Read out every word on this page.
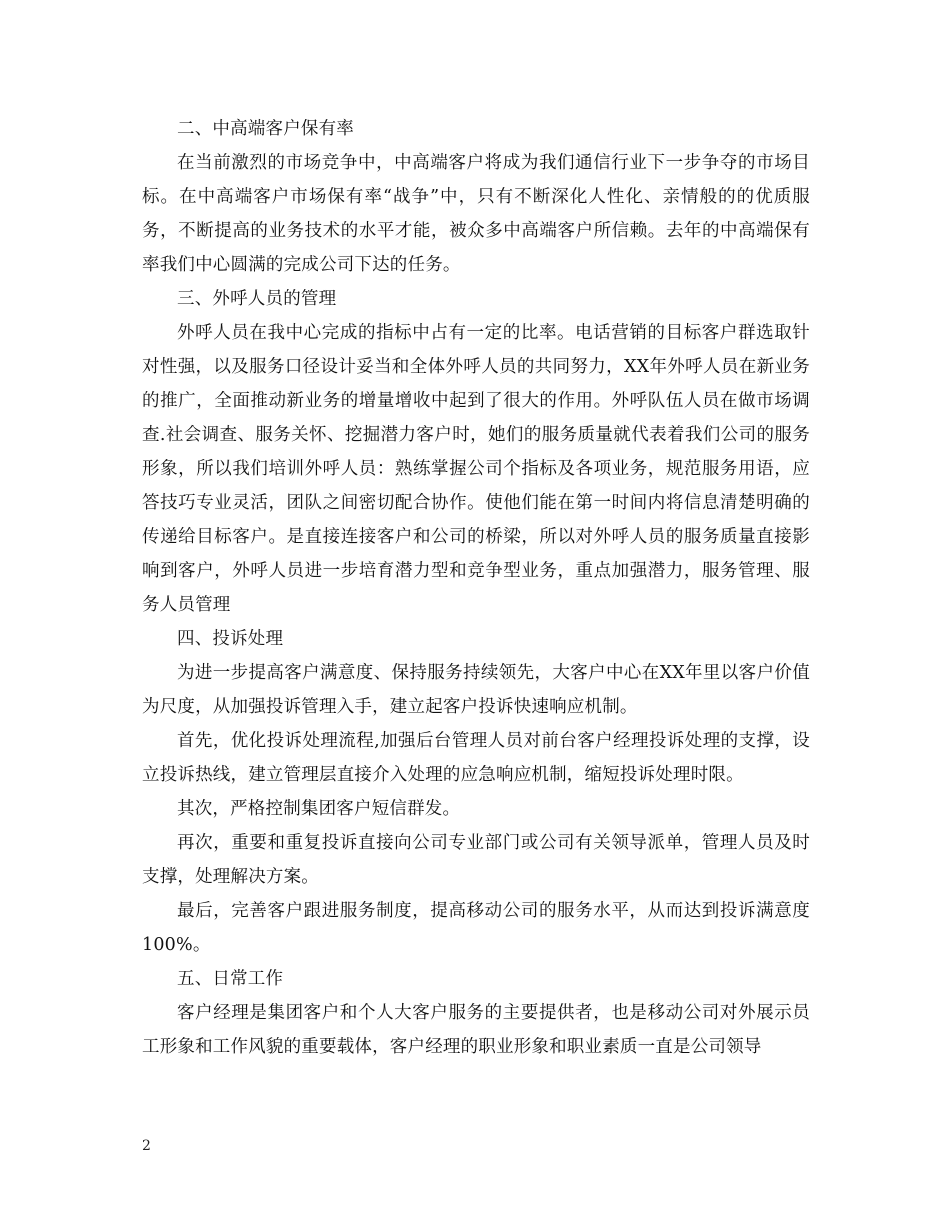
二、中高端客户保有率

在当前激烈的市场竞争中，中高端客户将成为我们通信行业下一步争夺的市场目标。在中高端客户市场保有率“战争”中，只有不断深化人性化、亲情般的的优质服务，不断提高的业务技术的水平才能，被众多中高端客户所信赖。去年的中高端保有率我们中心圆满的完成公司下达的任务。

三、外呼人员的管理

外呼人员在我中心完成的指标中占有一定的比率。电话营销的目标客户群选取针对性强，以及服务口径设计妥当和全体外呼人员的共同努力，XX年外呼人员在新业务的推广，全面推动新业务的增量增收中起到了很大的作用。外呼队伍人员在做市场调查.社会调查、服务关怀、挖掘潜力客户时，她们的服务质量就代表着我们公司的服务形象，所以我们培训外呼人员：熟练掌握公司个指标及各项业务，规范服务用语，应答技巧专业灵活，团队之间密切配合协作。使他们能在第一时间内将信息清楚明确的传递给目标客户。是直接连接客户和公司的桥梁，所以对外呼人员的服务质量直接影响到客户，外呼人员进一步培育潜力型和竞争型业务，重点加强潜力，服务管理、服务人员管理

四、投诉处理

为进一步提高客户满意度、保持服务持续领先，大客户中心在XX年里以客户价值为尺度，从加强投诉管理入手，建立起客户投诉快速响应机制。

首先，优化投诉处理流程,加强后台管理人员对前台客户经理投诉处理的支撑，设立投诉热线，建立管理层直接介入处理的应急响应机制，缩短投诉处理时限。

其次，严格控制集团客户短信群发。

再次，重要和重复投诉直接向公司专业部门或公司有关领导派单，管理人员及时支撑，处理解决方案。

最后，完善客户跟进服务制度，提高移动公司的服务水平，从而达到投诉满意度100%。

五、日常工作

客户经理是集团客户和个人大客户服务的主要提供者，也是移动公司对外展示员工形象和工作风貌的重要载体，客户经理的职业形象和职业素质一直是公司领导

2
